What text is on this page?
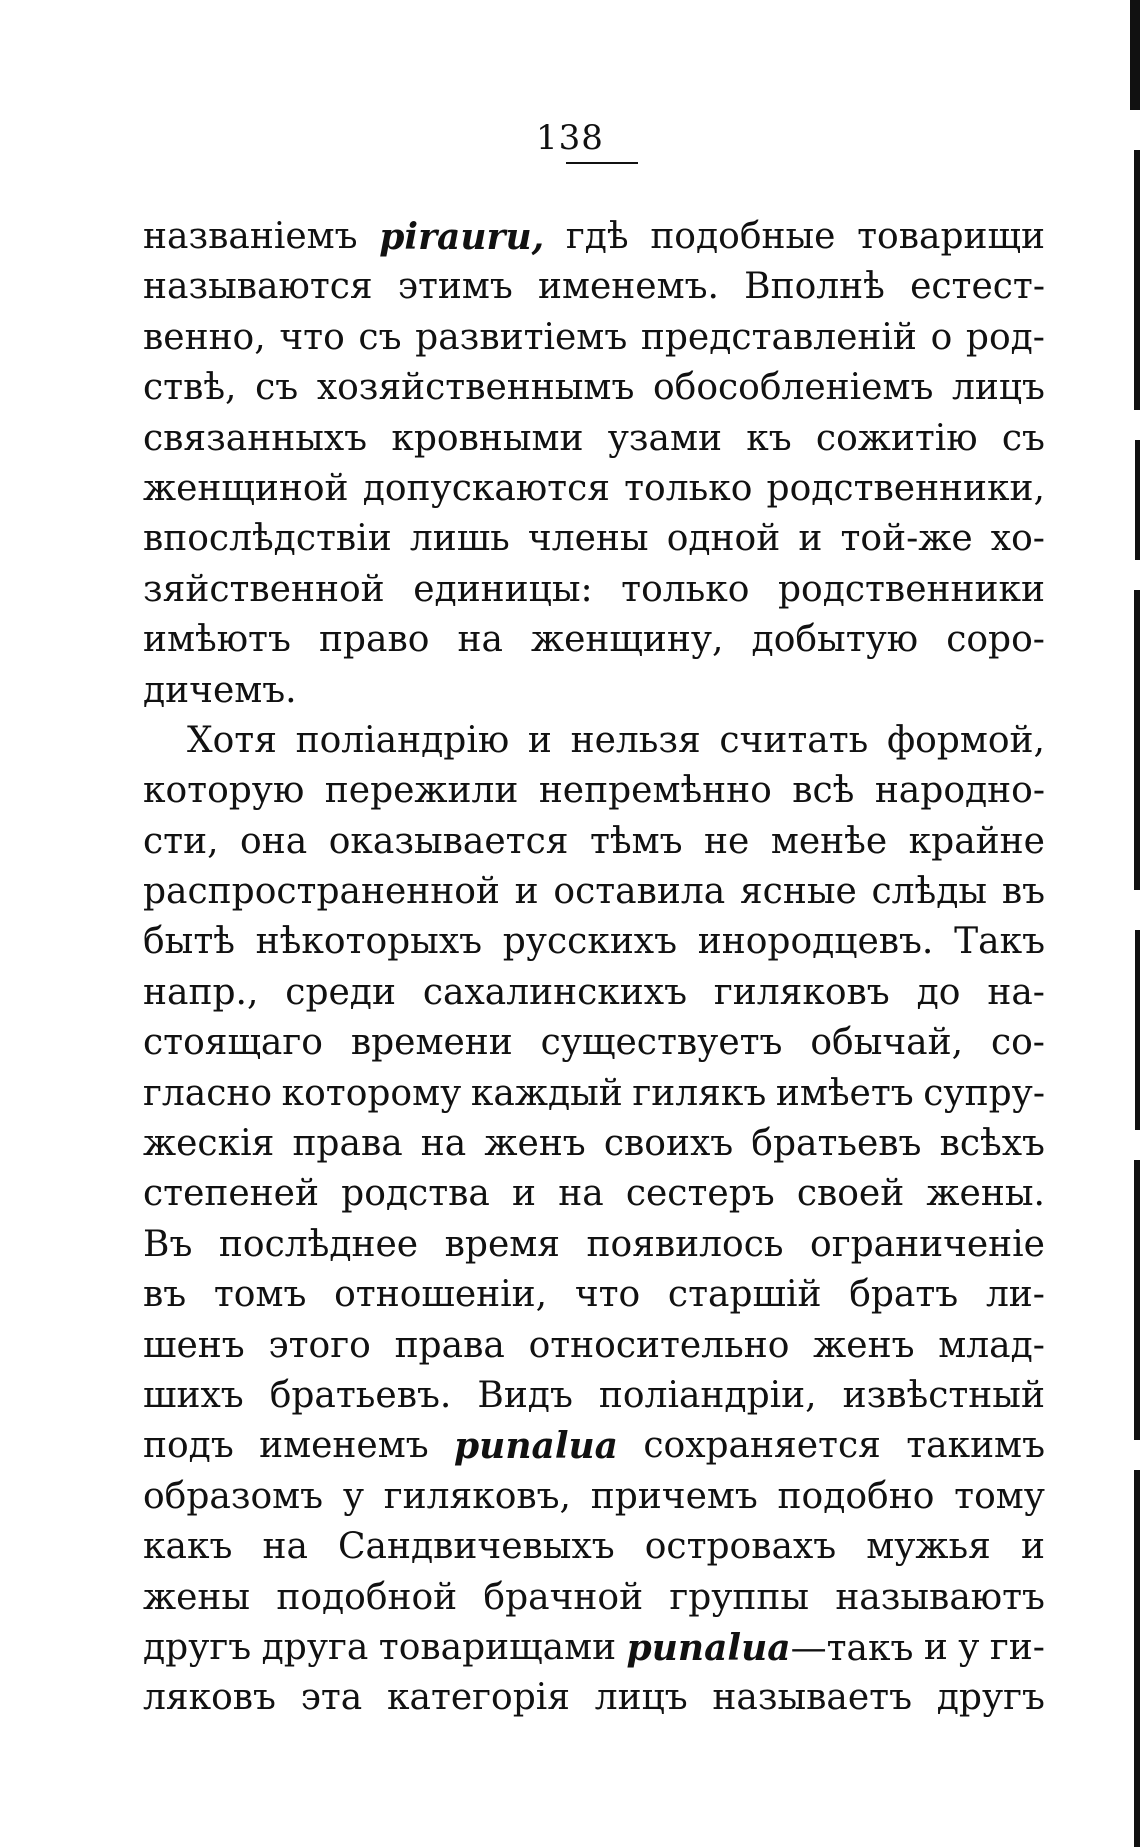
138
названіемъ pirauru, гдѣ подобные товарищи
называются этимъ именемъ. Вполнѣ естест-
венно, что съ развитіемъ представленій о род-
ствѣ, съ хозяйственнымъ обособленіемъ лицъ
связанныхъ кровными узами къ сожитію съ
женщиной допускаются только родственники,
впослѣдствіи лишь члены одной и той-же хо-
зяйственной единицы: только родственники
имѣютъ право на женщину, добытую соро-
дичемъ.
Хотя поліандрію и нельзя считать формой,
которую пережили непремѣнно всѣ народно-
сти, она оказывается тѣмъ не менѣе крайне
распространенной и оставила ясные слѣды въ
бытѣ нѣкоторыхъ русскихъ инородцевъ. Такъ
напр., среди сахалинскихъ гиляковъ до на-
стоящаго времени существуетъ обычай, со-
гласно которому каждый гилякъ имѣетъ супру-
жескія права на женъ своихъ братьевъ всѣхъ
степеней родства и на сестеръ своей жены.
Въ послѣднее время появилось ограниченіе
въ томъ отношеніи, что старшій братъ ли-
шенъ этого права относительно женъ млад-
шихъ братьевъ. Видъ поліандріи, извѣстный
подъ именемъ punalua сохраняется такимъ
образомъ у гиляковъ, причемъ подобно тому
какъ на Сандвичевыхъ островахъ мужья и
жены подобной брачной группы называютъ
другъ друга товарищами punalua—такъ и у ги-
ляковъ эта категорія лицъ называетъ другъ
